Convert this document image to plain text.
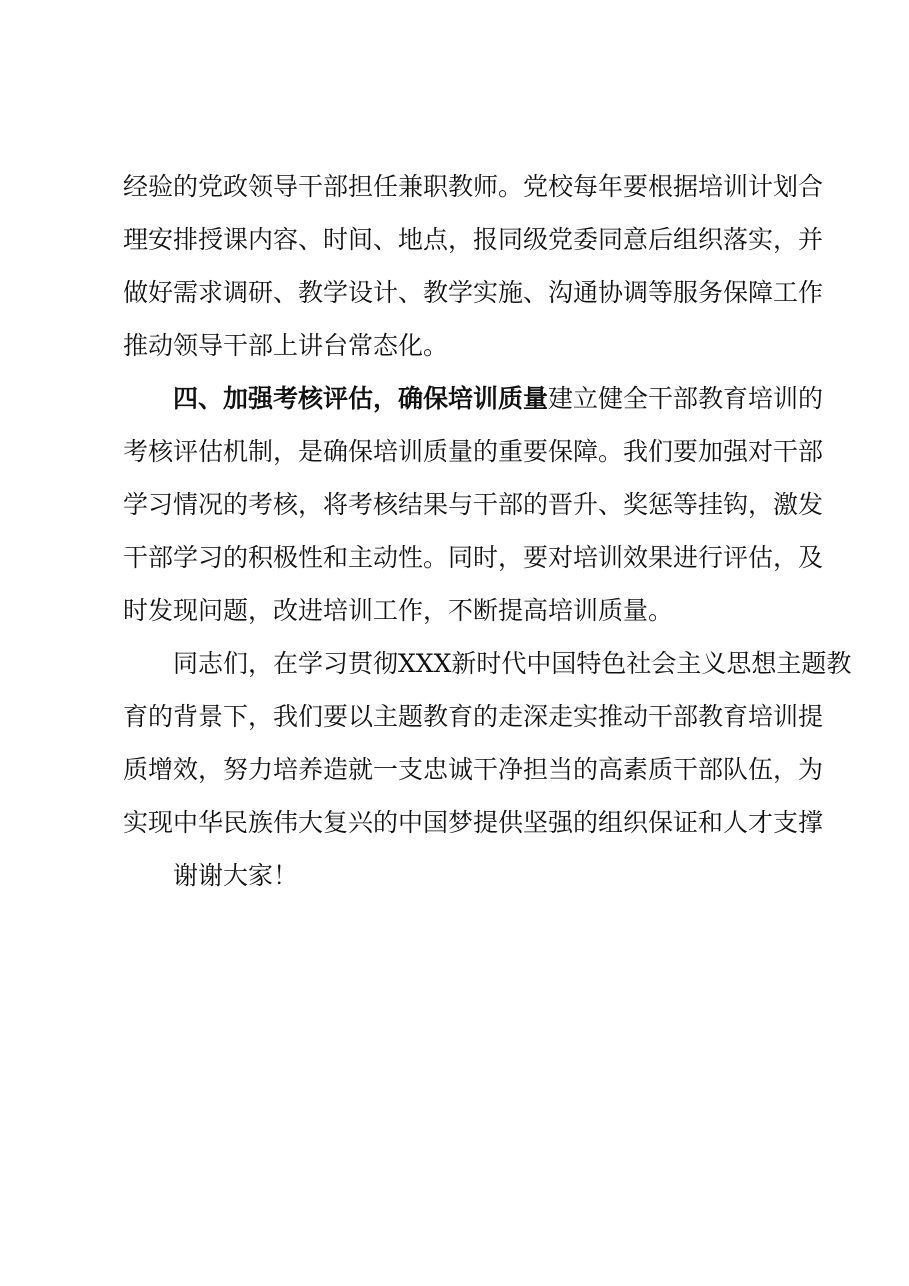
经验的党政领导干部担任兼职教师。党校每年要根据培训计划合
理安排授课内容、时间、地点，报同级党委同意后组织落实，并
做好需求调研、教学设计、教学实施、沟通协调等服务保障工作
推动领导干部上讲台常态化。
四、加强考核评估，确保培训质量建立健全干部教育培训的
考核评估机制，是确保培训质量的重要保障。我们要加强对干部
学习情况的考核，将考核结果与干部的晋升、奖惩等挂钩，激发
干部学习的积极性和主动性。同时，要对培训效果进行评估，及
时发现问题，改进培训工作，不断提高培训质量。
同志们，在学习贯彻XXX新时代中国特色社会主义思想主题教
育的背景下，我们要以主题教育的走深走实推动干部教育培训提
质增效，努力培养造就一支忠诚干净担当的高素质干部队伍，为
实现中华民族伟大复兴的中国梦提供坚强的组织保证和人才支撑
谢谢大家！
